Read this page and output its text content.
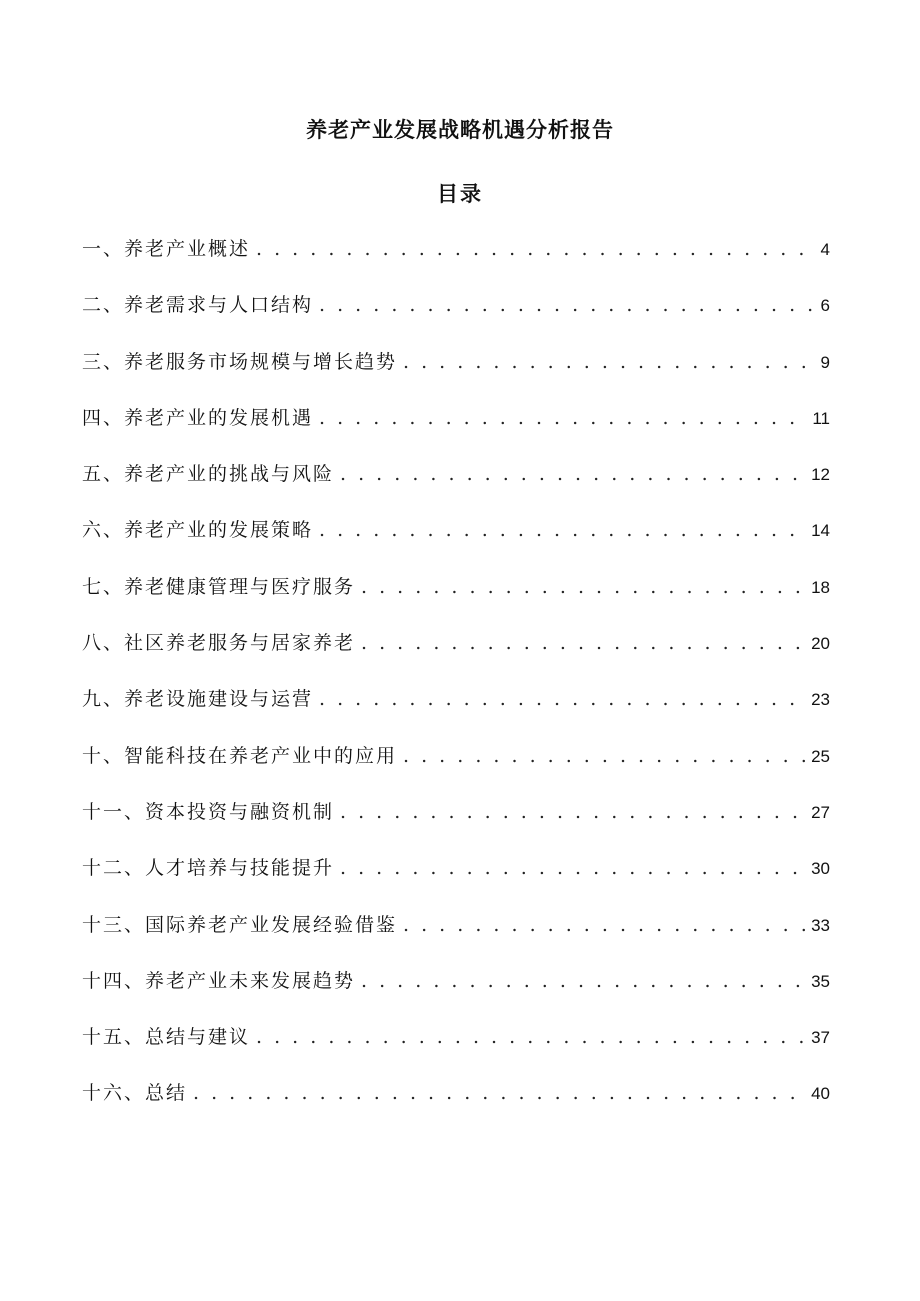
养老产业发展战略机遇分析报告
目录
一、养老产业概述 . . .	4
二、养老需求与人口结构 . . .	6
三、养老服务市场规模与增长趋势 . . .	9
四、养老产业的发展机遇 . . .	11
五、养老产业的挑战与风险 . . .	12
六、养老产业的发展策略 . . .	14
七、养老健康管理与医疗服务 . . .	18
八、社区养老服务与居家养老 . . .	20
九、养老设施建设与运营 . . .	23
十、智能科技在养老产业中的应用 . . .	25
十一、资本投资与融资机制 . . .	27
十二、人才培养与技能提升 . . .	30
十三、国际养老产业发展经验借鉴 . . .	33
十四、养老产业未来发展趋势 . . .	35
十五、总结与建议 . . .	37
十六、总结 . . .	40
